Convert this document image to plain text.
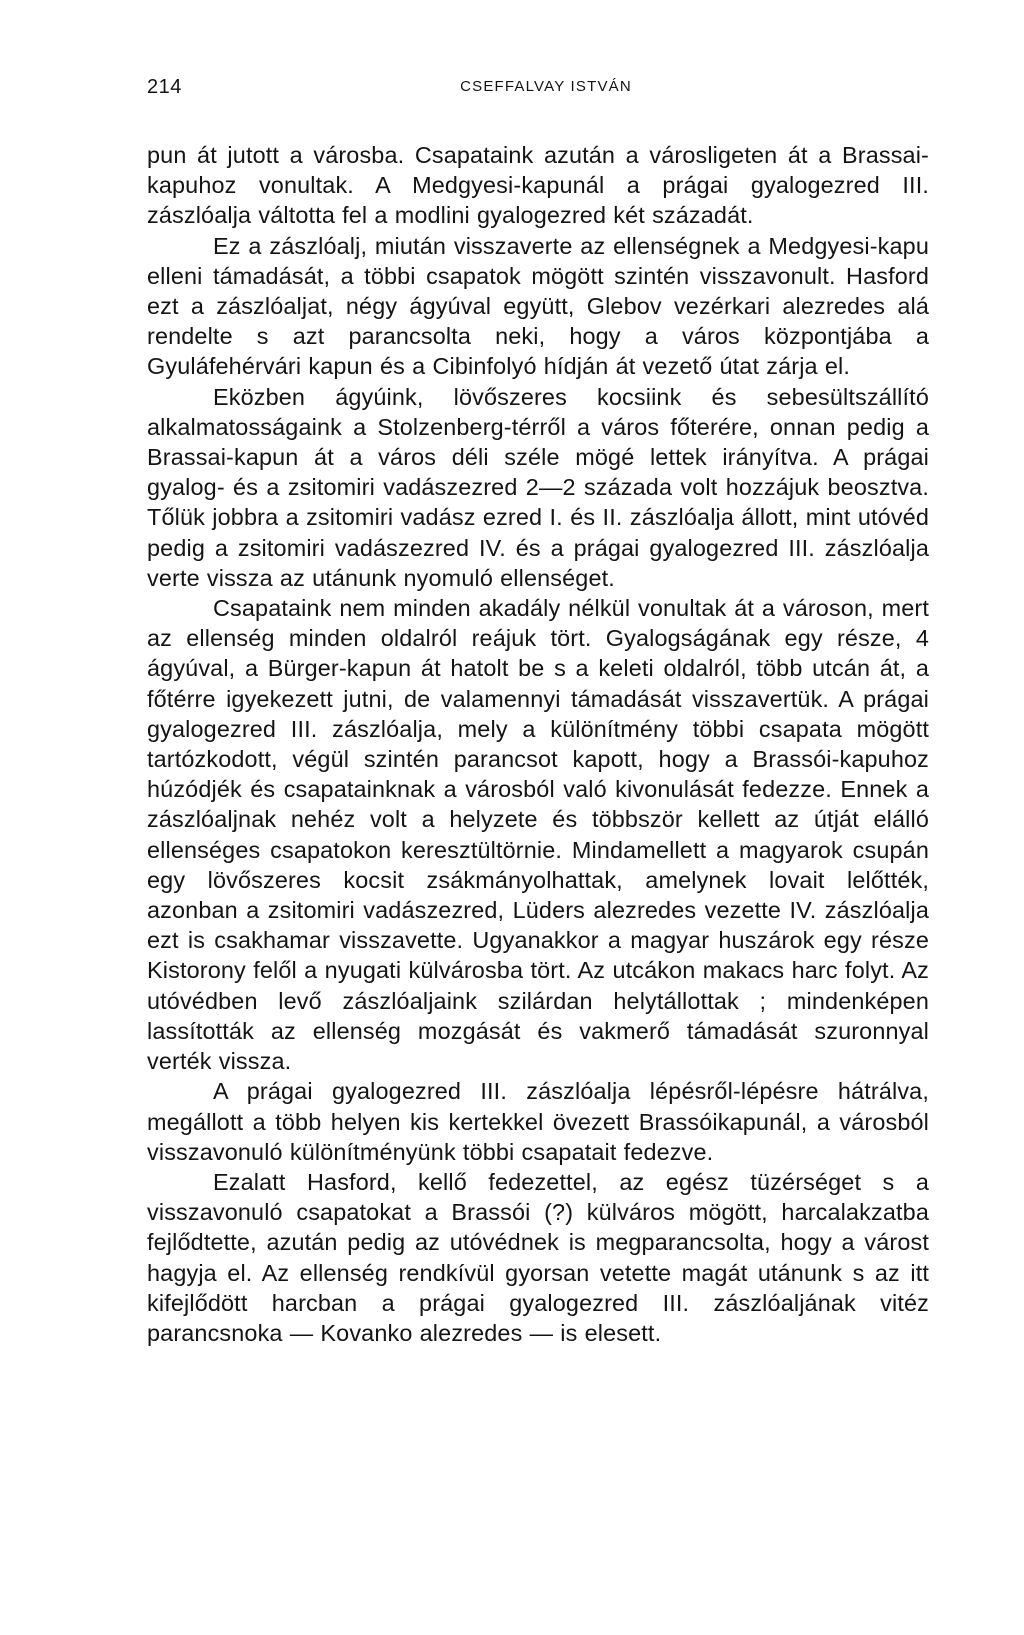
214	CSEFFALVAY ISTVÁN

pun át jutott a városba. Csapataink azután a városligeten át a Brassai-kapuhoz vonultak. A Medgyesi-kapunál a prágai gyalogezred III. zászlóalja váltotta fel a modlini gyalogezred két századát.

Ez a zászlóalj, miután visszaverte az ellenségnek a Medgyesi-kapu elleni támadását, a többi csapatok mögött szintén visszavonult. Hasford ezt a zászlóaljat, négy ágyúval együtt, Glebov vezérkari alezredes alá rendelte s azt parancsolta neki, hogy a város központjába a Gyuláfehérvári kapun és a Cibinfolyó hídján át vezető útat zárja el.

Eközben ágyúink, lövőszeres kocsiink és sebesültszállító alkalmatosságaink a Stolzenberg-térről a város főterére, onnan pedig a Brassai-kapun át a város déli széle mögé lettek irányítva. A prágai gyalog- és a zsitomiri vadászezred 2—2 százada volt hozzájuk beosztva. Tőlük jobbra a zsitomiri vadász ezred I. és II. zászlóalja állott, mint utóvéd pedig a zsitomiri vadászezred IV. és a prágai gyalogezred III. zászlóalja verte vissza az utánunk nyomuló ellenséget.

Csapataink nem minden akadály nélkül vonultak át a városon, mert az ellenség minden oldalról reájuk tört. Gyalogságának egy része, 4 ágyúval, a Bürger-kapun át hatolt be s a keleti oldalról, több utcán át, a főtérre igyekezett jutni, de valamennyi támadását visszavertük. A prágai gyalogezred III. zászlóalja, mely a különítmény többi csapata mögött tartózkodott, végül szintén parancsot kapott, hogy a Brassói-kapuhoz húzódjék és csapatainknak a városból való kivonulását fedezze. Ennek a zászlóaljnak nehéz volt a helyzete és többször kellett az útját elálló ellenséges csapatokon keresztültörnie. Mindamellett a magyarok csupán egy lövőszeres kocsit zsákmányolhattak, amelynek lovait lelőtték, azonban a zsitomiri vadászezred, Lüders alezredes vezette IV. zászlóalja ezt is csakhamar visszavette. Ugyanakkor a magyar huszárok egy része Kistorony felől a nyugati külvárosba tört. Az utcákon makacs harc folyt. Az utóvédben levő zászlóaljaink szilárdan helytállottak ; mindenképen lassították az ellenség mozgását és vakmerő támadását szuronnyal verték vissza.

A prágai gyalogezred III. zászlóalja lépésről-lépésre hátrálva, megállott a több helyen kis kertekkel övezett Brassóikapunál, a városból visszavonuló különítményünk többi csapatait fedezve.

Ezalatt Hasford, kellő fedezettel, az egész tüzérséget s a visszavonuló csapatokat a Brassói (?) külváros mögött, harcalakzatba fejlődtette, azután pedig az utóvédnek is megparancsolta, hogy a várost hagyja el. Az ellenség rendkívül gyorsan vetette magát utánunk s az itt kifejlődött harcban a prágai gyalogezred III. zászlóaljának vitéz parancsnoka — Kovanko alezredes — is elesett.
